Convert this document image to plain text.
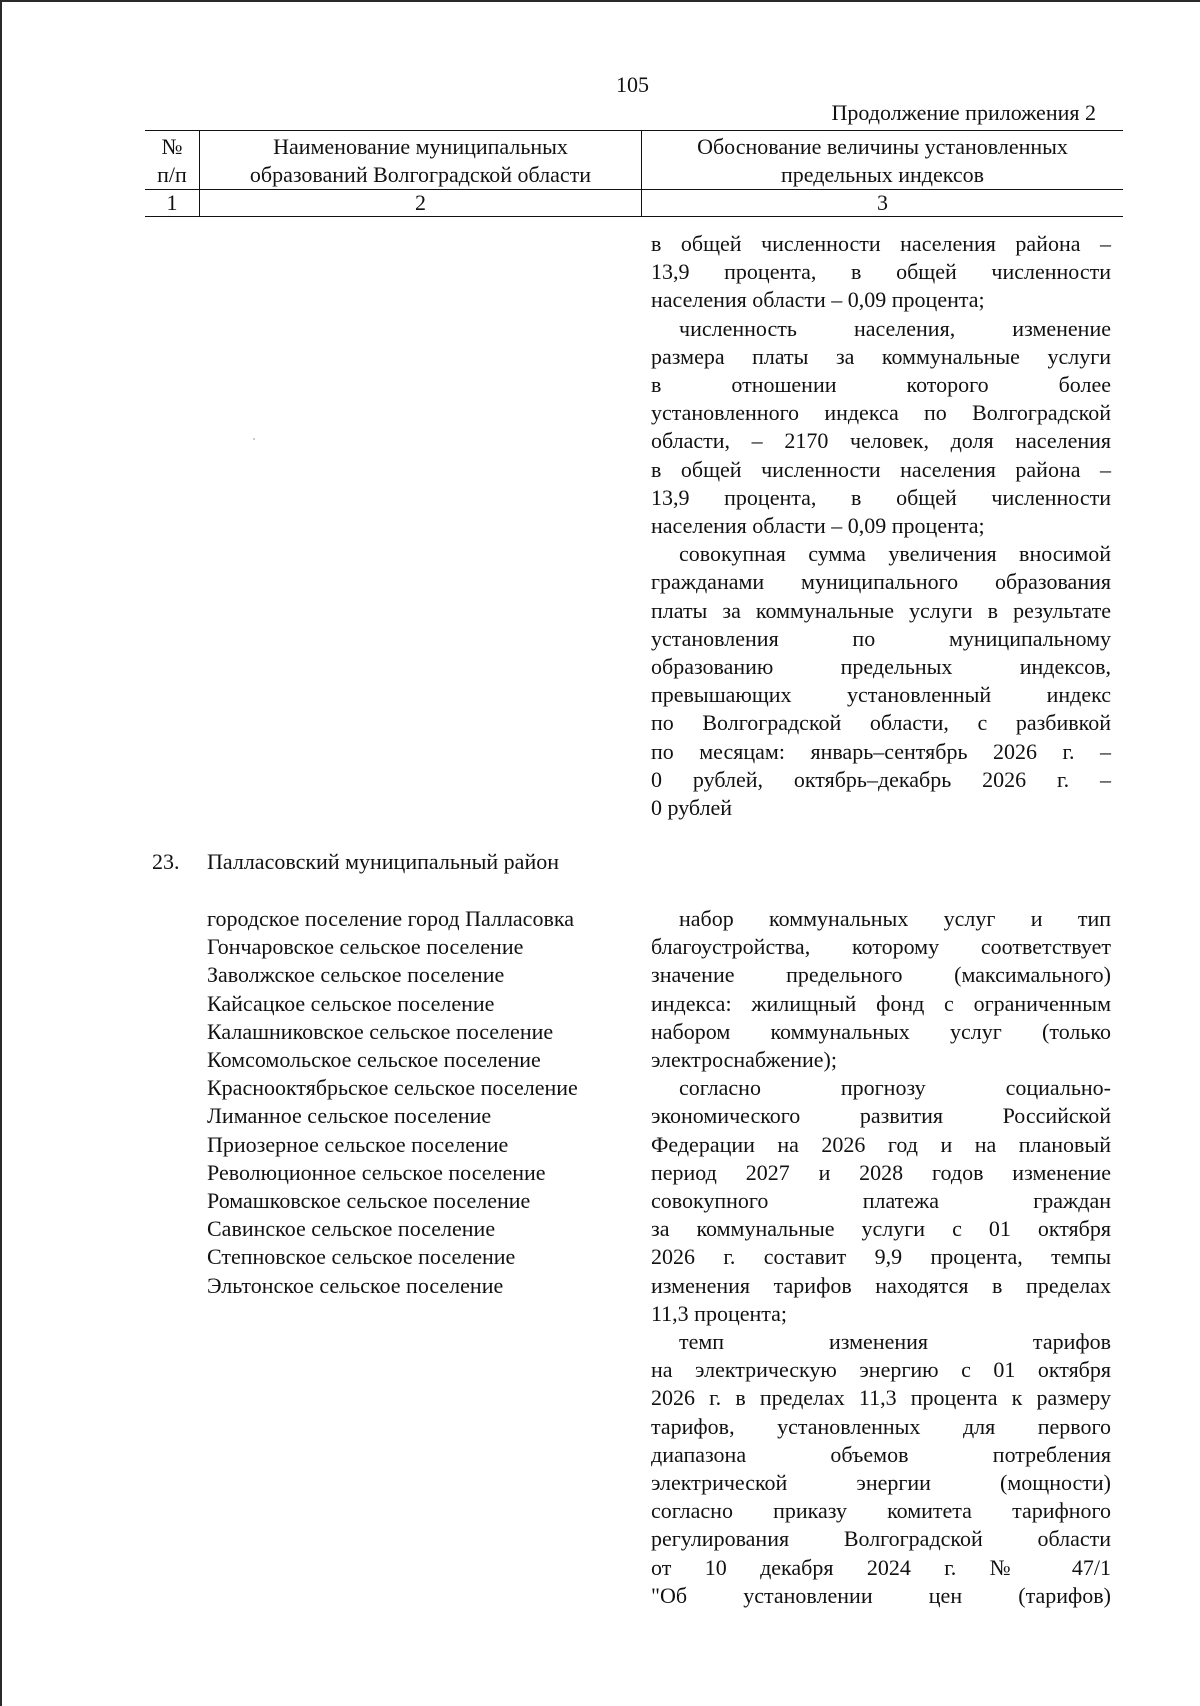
105
Продолжение приложения 2
№
п/п
Наименование муниципальных
образований Волгоградской области
Обоснование величины установленных
предельных индексов
1	2	3
в общей численности населения района –
13,9 процента, в общей численности
населения области – 0,09 процента;
численность населения, изменение
размера платы за коммунальные услуги
в отношении которого более
установленного индекса по Волгоградской
области, – 2170 человек, доля населения
в общей численности населения района –
13,9 процента, в общей численности
населения области – 0,09 процента;
совокупная сумма увеличения вносимой
гражданами муниципального образования
платы за коммунальные услуги в результате
установления по муниципальному
образованию предельных индексов,
превышающих установленный индекс
по Волгоградской области, с разбивкой
по месяцам: январь–сентябрь 2026 г. –
0 рублей, октябрь–декабрь 2026 г. –
0 рублей
23. Палласовский муниципальный район
городское поселение город Палласовка
Гончаровское сельское поселение
Заволжское сельское поселение
Кайсацкое сельское поселение
Калашниковское сельское поселение
Комсомольское сельское поселение
Краснооктябрьское сельское поселение
Лиманное сельское поселение
Приозерное сельское поселение
Революционное сельское поселение
Ромашковское сельское поселение
Савинское сельское поселение
Степновское сельское поселение
Эльтонское сельское поселение
набор коммунальных услуг и тип
благоустройства, которому соответствует
значение предельного (максимального)
индекса: жилищный фонд с ограниченным
набором коммунальных услуг (только
электроснабжение);
согласно прогнозу социально-
экономического развития Российской
Федерации на 2026 год и на плановый
период 2027 и 2028 годов изменение
совокупного платежа граждан
за коммунальные услуги с 01 октября
2026 г. составит 9,9 процента, темпы
изменения тарифов находятся в пределах
11,3 процента;
темп изменения тарифов
на электрическую энергию с 01 октября
2026 г. в пределах 11,3 процента к размеру
тарифов, установленных для первого
диапазона объемов потребления
электрической энергии (мощности)
согласно приказу комитета тарифного
регулирования Волгоградской области
от 10 декабря 2024 г. № 47/1
"Об установлении цен (тарифов)
